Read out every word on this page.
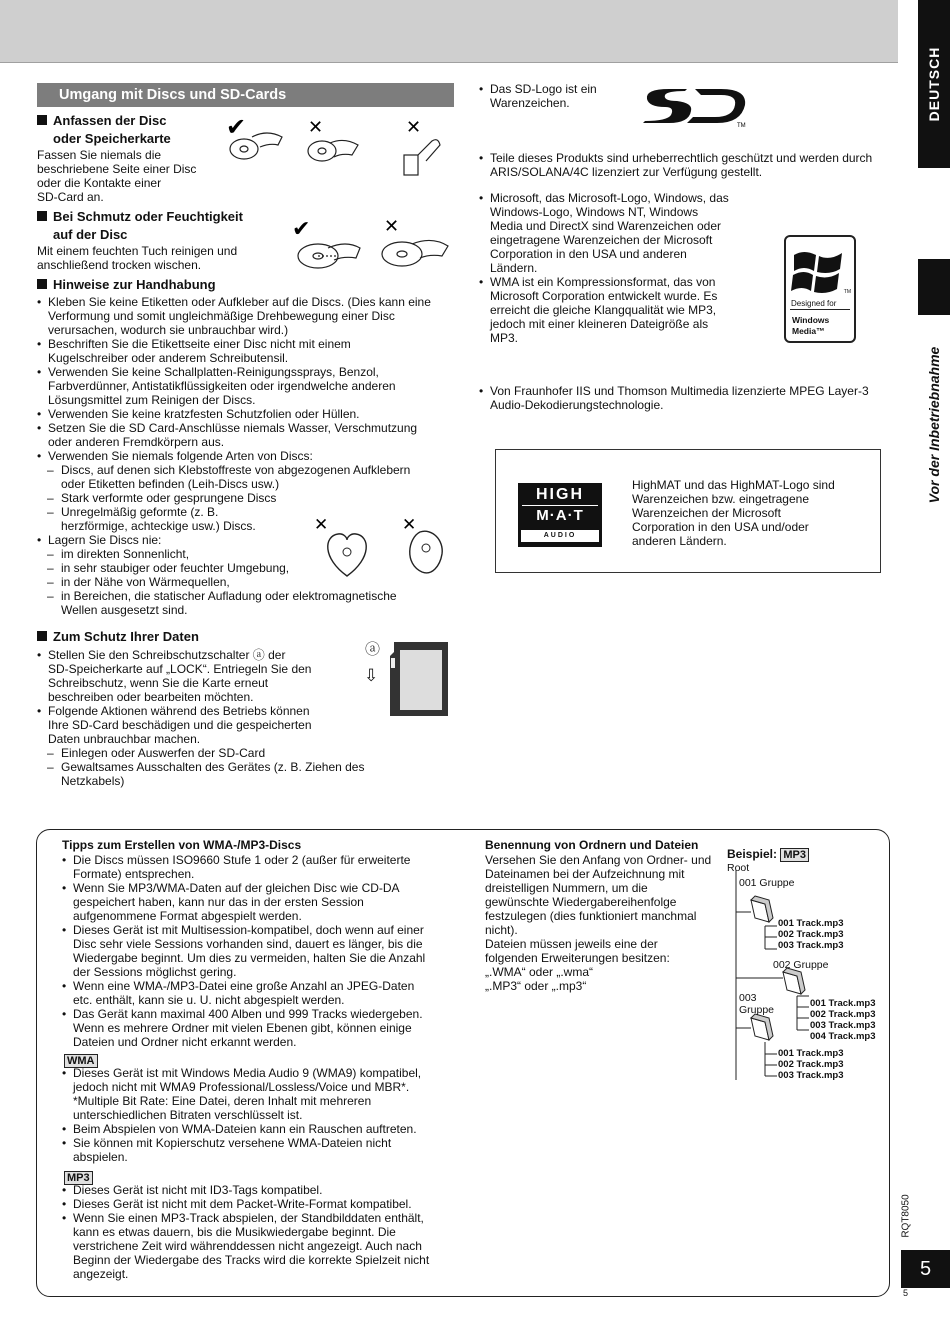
DEUTSCH
Vor der Inbetriebnahme
RQT8050
5
5
Umgang mit Discs und SD-Cards
Anfassen der Disc
oder Speicherkarte
Fassen Sie niemals die
beschriebene Seite einer Disc
oder die Kontakte einer
SD-Card an.
✔	✕	✕
Bei Schmutz oder Feuchtigkeit
auf der Disc
Mit einem feuchten Tuch reinigen und
anschließend trocken wischen.
✔	✕
Hinweise zur Handhabung
• Kleben Sie keine Etiketten oder Aufkleber auf die Discs. (Dies kann eine
Verformung und somit ungleichmäßige Drehbewegung einer Disc
verursachen, wodurch sie unbrauchbar wird.)
• Beschriften Sie die Etikettseite einer Disc nicht mit einem
Kugelschreiber oder anderem Schreibutensil.
• Verwenden Sie keine Schallplatten-Reinigungssprays, Benzol,
Farbverdünner, Antistatikflüssigkeiten oder irgendwelche anderen
Lösungsmittel zum Reinigen der Discs.
• Verwenden Sie keine kratzfesten Schutzfolien oder Hüllen.
• Setzen Sie die SD Card-Anschlüsse niemals Wasser, Verschmutzung
oder anderen Fremdkörpern aus.
• Verwenden Sie niemals folgende Arten von Discs:
– Discs, auf denen sich Klebstoffreste von abgezogenen Aufklebern
oder Etiketten befinden (Leih-Discs usw.)
– Stark verformte oder gesprungene Discs
– Unregelmäßig geformte (z. B.
herzförmige, achteckige usw.) Discs.
• Lagern Sie Discs nie:
– im direkten Sonnenlicht,
– in sehr staubiger oder feuchter Umgebung,
– in der Nähe von Wärmequellen,
– in Bereichen, die statischer Aufladung oder elektromagnetische
Wellen ausgesetzt sind.
✕	✕
Zum Schutz Ihrer Daten
• Stellen Sie den Schreibschutzschalter ⓐ der
SD-Speicherkarte auf „LOCK“. Entriegeln Sie den
Schreibschutz, wenn Sie die Karte erneut
beschreiben oder bearbeiten möchten.
• Folgende Aktionen während des Betriebs können
Ihre SD-Card beschädigen und die gespeicherten
Daten unbrauchbar machen.
– Einlegen oder Auswerfen der SD-Card
– Gewaltsames Ausschalten des Gerätes (z. B. Ziehen des
Netzkabels)
ⓐ
⇩
• Das SD-Logo ist ein
Warenzeichen.
TM
• Teile dieses Produkts sind urheberrechtlich geschützt und werden durch
ARIS/SOLANA/4C lizenziert zur Verfügung gestellt.
• Microsoft, das Microsoft-Logo, Windows, das
Windows-Logo, Windows NT, Windows
Media und DirectX sind Warenzeichen oder
eingetragene Warenzeichen der Microsoft
Corporation in den USA und anderen
Ländern.
• WMA ist ein Kompressionsformat, das von
Microsoft Corporation entwickelt wurde. Es
erreicht die gleiche Klangqualität wie MP3,
jedoch mit einer kleineren Dateigröße als
MP3.
TM
Designed for
Windows
Media™
• Von Fraunhofer IIS und Thomson Multimedia lizenzierte MPEG Layer-3
Audio-Dekodierungstechnologie.
HIGH
M·A·T
AUDIO
HighMAT und das HighMAT-Logo sind
Warenzeichen bzw. eingetragene
Warenzeichen der Microsoft
Corporation in den USA und/oder
anderen Ländern.
Tipps zum Erstellen von WMA-/MP3-Discs
• Die Discs müssen ISO9660 Stufe 1 oder 2 (außer für erweiterte
Formate) entsprechen.
• Wenn Sie MP3/WMA-Daten auf der gleichen Disc wie CD-DA
gespeichert haben, kann nur das in der ersten Session
aufgenommene Format abgespielt werden.
• Dieses Gerät ist mit Multisession-kompatibel, doch wenn auf einer
Disc sehr viele Sessions vorhanden sind, dauert es länger, bis die
Wiedergabe beginnt. Um dies zu vermeiden, halten Sie die Anzahl
der Sessions möglichst gering.
• Wenn eine WMA-/MP3-Datei eine große Anzahl an JPEG-Daten
etc. enthält, kann sie u. U. nicht abgespielt werden.
• Das Gerät kann maximal 400 Alben und 999 Tracks wiedergeben.
Wenn es mehrere Ordner mit vielen Ebenen gibt, können einige
Dateien und Ordner nicht erkannt werden.
WMA
• Dieses Gerät ist mit Windows Media Audio 9 (WMA9) kompatibel,
jedoch nicht mit WMA9 Professional/Lossless/Voice und MBR*.
*Multiple Bit Rate: Eine Datei, deren Inhalt mit mehreren
unterschiedlichen Bitraten verschlüsselt ist.
• Beim Abspielen von WMA-Dateien kann ein Rauschen auftreten.
• Sie können mit Kopierschutz versehene WMA-Dateien nicht
abspielen.
MP3
• Dieses Gerät ist nicht mit ID3-Tags kompatibel.
• Dieses Gerät ist nicht mit dem Packet-Write-Format kompatibel.
• Wenn Sie einen MP3-Track abspielen, der Standbilddaten enthält,
kann es etwas dauern, bis die Musikwiedergabe beginnt. Die
verstrichene Zeit wird währenddessen nicht angezeigt. Auch nach
Beginn der Wiedergabe des Tracks wird die korrekte Spielzeit nicht
angezeigt.
Benennung von Ordnern und Dateien
Versehen Sie den Anfang von Ordner- und
Dateinamen bei der Aufzeichnung mit
dreistelligen Nummern, um die
gewünschte Wiedergabereihenfolge
festzulegen (dies funktioniert manchmal
nicht).
Dateien müssen jeweils eine der
folgenden Erweiterungen besitzen:
„.WMA“ oder „.wma“
„.MP3“ oder „.mp3“
Beispiel: MP3
Root
001 Gruppe
001 Track.mp3
002 Track.mp3
003 Track.mp3
002 Gruppe
001 Track.mp3
002 Track.mp3
003 Track.mp3
004 Track.mp3
003
Gruppe
001 Track.mp3
002 Track.mp3
003 Track.mp3
